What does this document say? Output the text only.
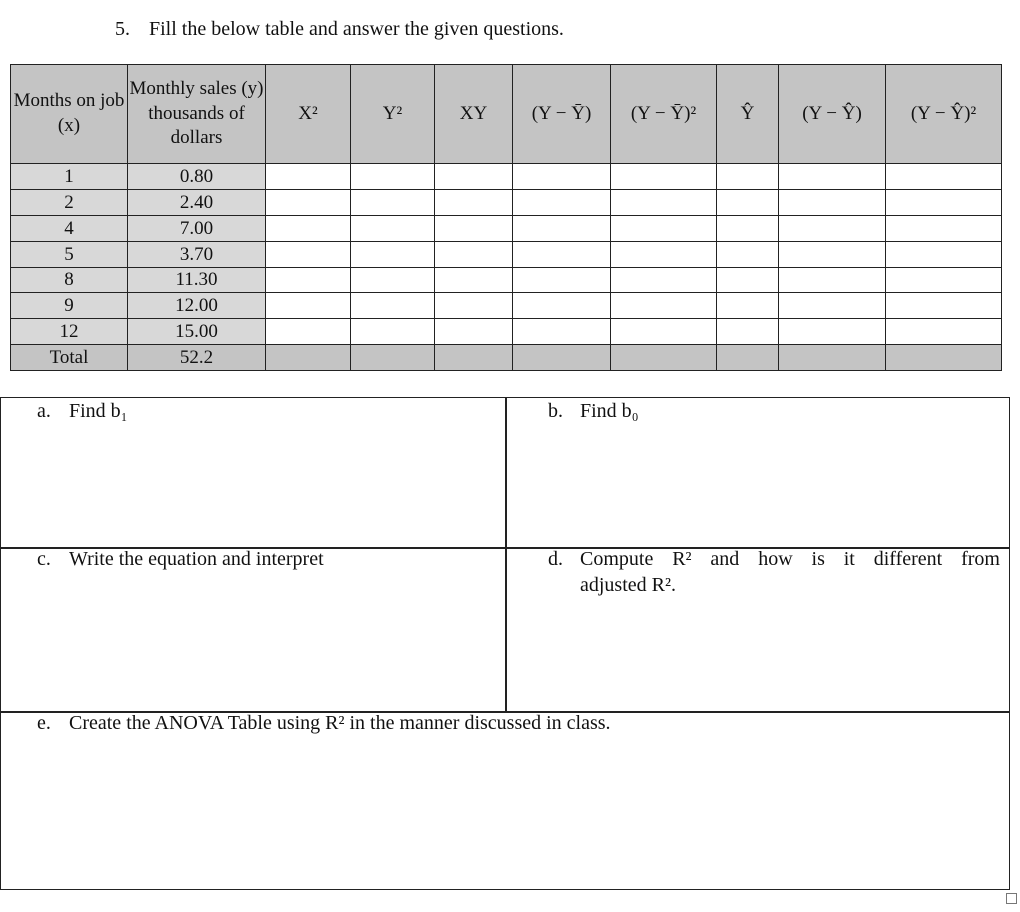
5. Fill the below table and answer the given questions.
Months on job (x)	Monthly sales (y) thousands of dollars	X²	Y²	XY	(Y − Ȳ)	(Y − Ȳ)²	Ŷ	(Y − Ŷ)	(Y − Ŷ)²
1	0.80								
2	2.40								
4	7.00								
5	3.70								
8	11.30								
9	12.00								
12	15.00								
Total	52.2								
a. Find b₁	b. Find b₀
c. Write the equation and interpret	d. Compute R² and how is it different from
adjusted R².
e. Create the ANOVA Table using R² in the manner discussed in class.
